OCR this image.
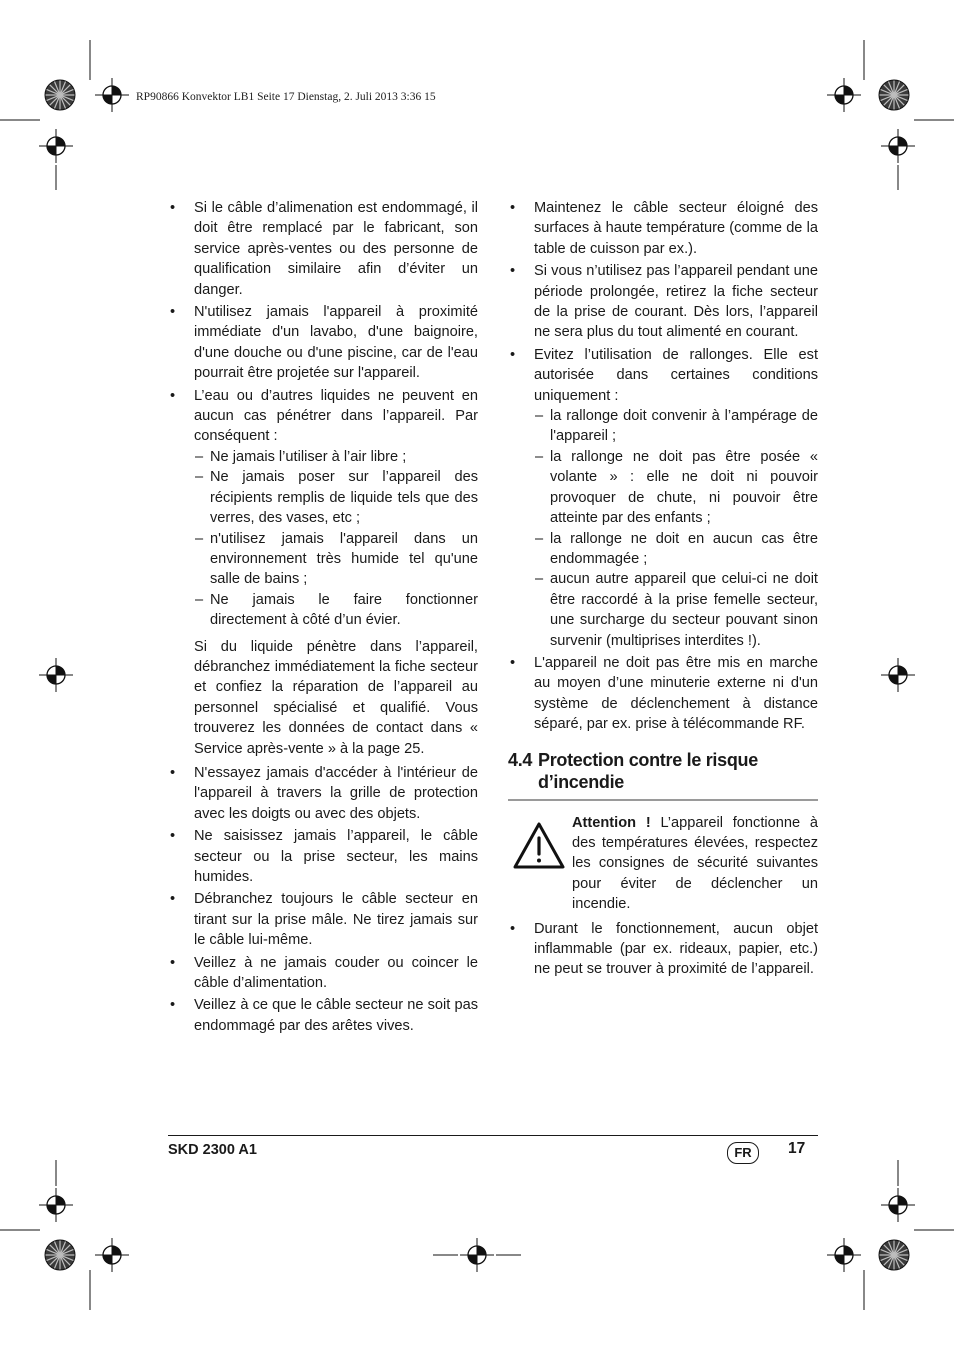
RP90866 Konvektor LB1 Seite 17 Dienstag, 2. Juli 2013 3:36 15
• Si le câble d’alimenation est endommagé, il doit être remplacé par le fabricant, son service après-ventes ou des personne de qualification similaire afin d’éviter un danger.
• N'utilisez jamais l'appareil à proximité immédiate d'un lavabo, d'une baignoire, d'une douche ou d'une piscine, car de l'eau pourrait être projetée sur l'appareil.
• L’eau ou d’autres liquides ne peuvent en aucun cas pénétrer dans l’appareil. Par conséquent :
– Ne jamais l’utiliser à l’air libre ;
– Ne jamais poser sur l’appareil des récipients remplis de liquide tels que des verres, des vases, etc ;
– n'utilisez jamais l'appareil dans un environnement très humide tel qu'une salle de bains ;
– Ne jamais le faire fonctionner directement à côté d’un évier.

Si du liquide pénètre dans l’appareil, débranchez immédiatement la fiche secteur et confiez la réparation de l’appareil au personnel spécialisé et qualifié. Vous trouverez les données de contact dans « Service après-vente » à la page 25.

• N'essayez jamais d'accéder à l'intérieur de l'appareil à travers la grille de protection avec les doigts ou avec des objets.
• Ne saisissez jamais l’appareil, le câble secteur ou la prise secteur, les mains humides.
• Débranchez toujours le câble secteur en tirant sur la prise mâle. Ne tirez jamais sur le câble lui-même.
• Veillez à ne jamais couder ou coincer le câble d’alimentation.
• Veillez à ce que le câble secteur ne soit pas endommagé par des arêtes vives.
• Maintenez le câble secteur éloigné des surfaces à haute température (comme de la table de cuisson par ex.).
• Si vous n’utilisez pas l’appareil pendant une période prolongée, retirez la fiche secteur de la prise de courant. Dès lors, l’appareil ne sera plus du tout alimenté en courant.
• Evitez l’utilisation de rallonges. Elle est autorisée dans certaines conditions uniquement :
– la rallonge doit convenir à l’ampérage de l'appareil ;
– la rallonge ne doit pas être posée « volante » : elle ne doit ni pouvoir provoquer de chute, ni pouvoir être atteinte par des enfants ;
– la rallonge ne doit en aucun cas être endommagée ;
– aucun autre appareil que celui-ci ne doit être raccordé à la prise femelle secteur, une surcharge du secteur pouvant sinon survenir (multiprises interdites !).
• L'appareil ne doit pas être mis en marche au moyen d’une minuterie externe ni d'un système de déclenchement à distance séparé, par ex. prise à télécommande RF.
4.4 Protection contre le risque
d’incendie
Attention ! L’appareil fonctionne à des températures élevées, respectez les consignes de sécurité suivantes pour éviter de déclencher un incendie.
• Durant le fonctionnement, aucun objet inflammable (par ex. rideaux, papier, etc.) ne peut se trouver à proximité de l’appareil.
SKD 2300 A1	FR	17
